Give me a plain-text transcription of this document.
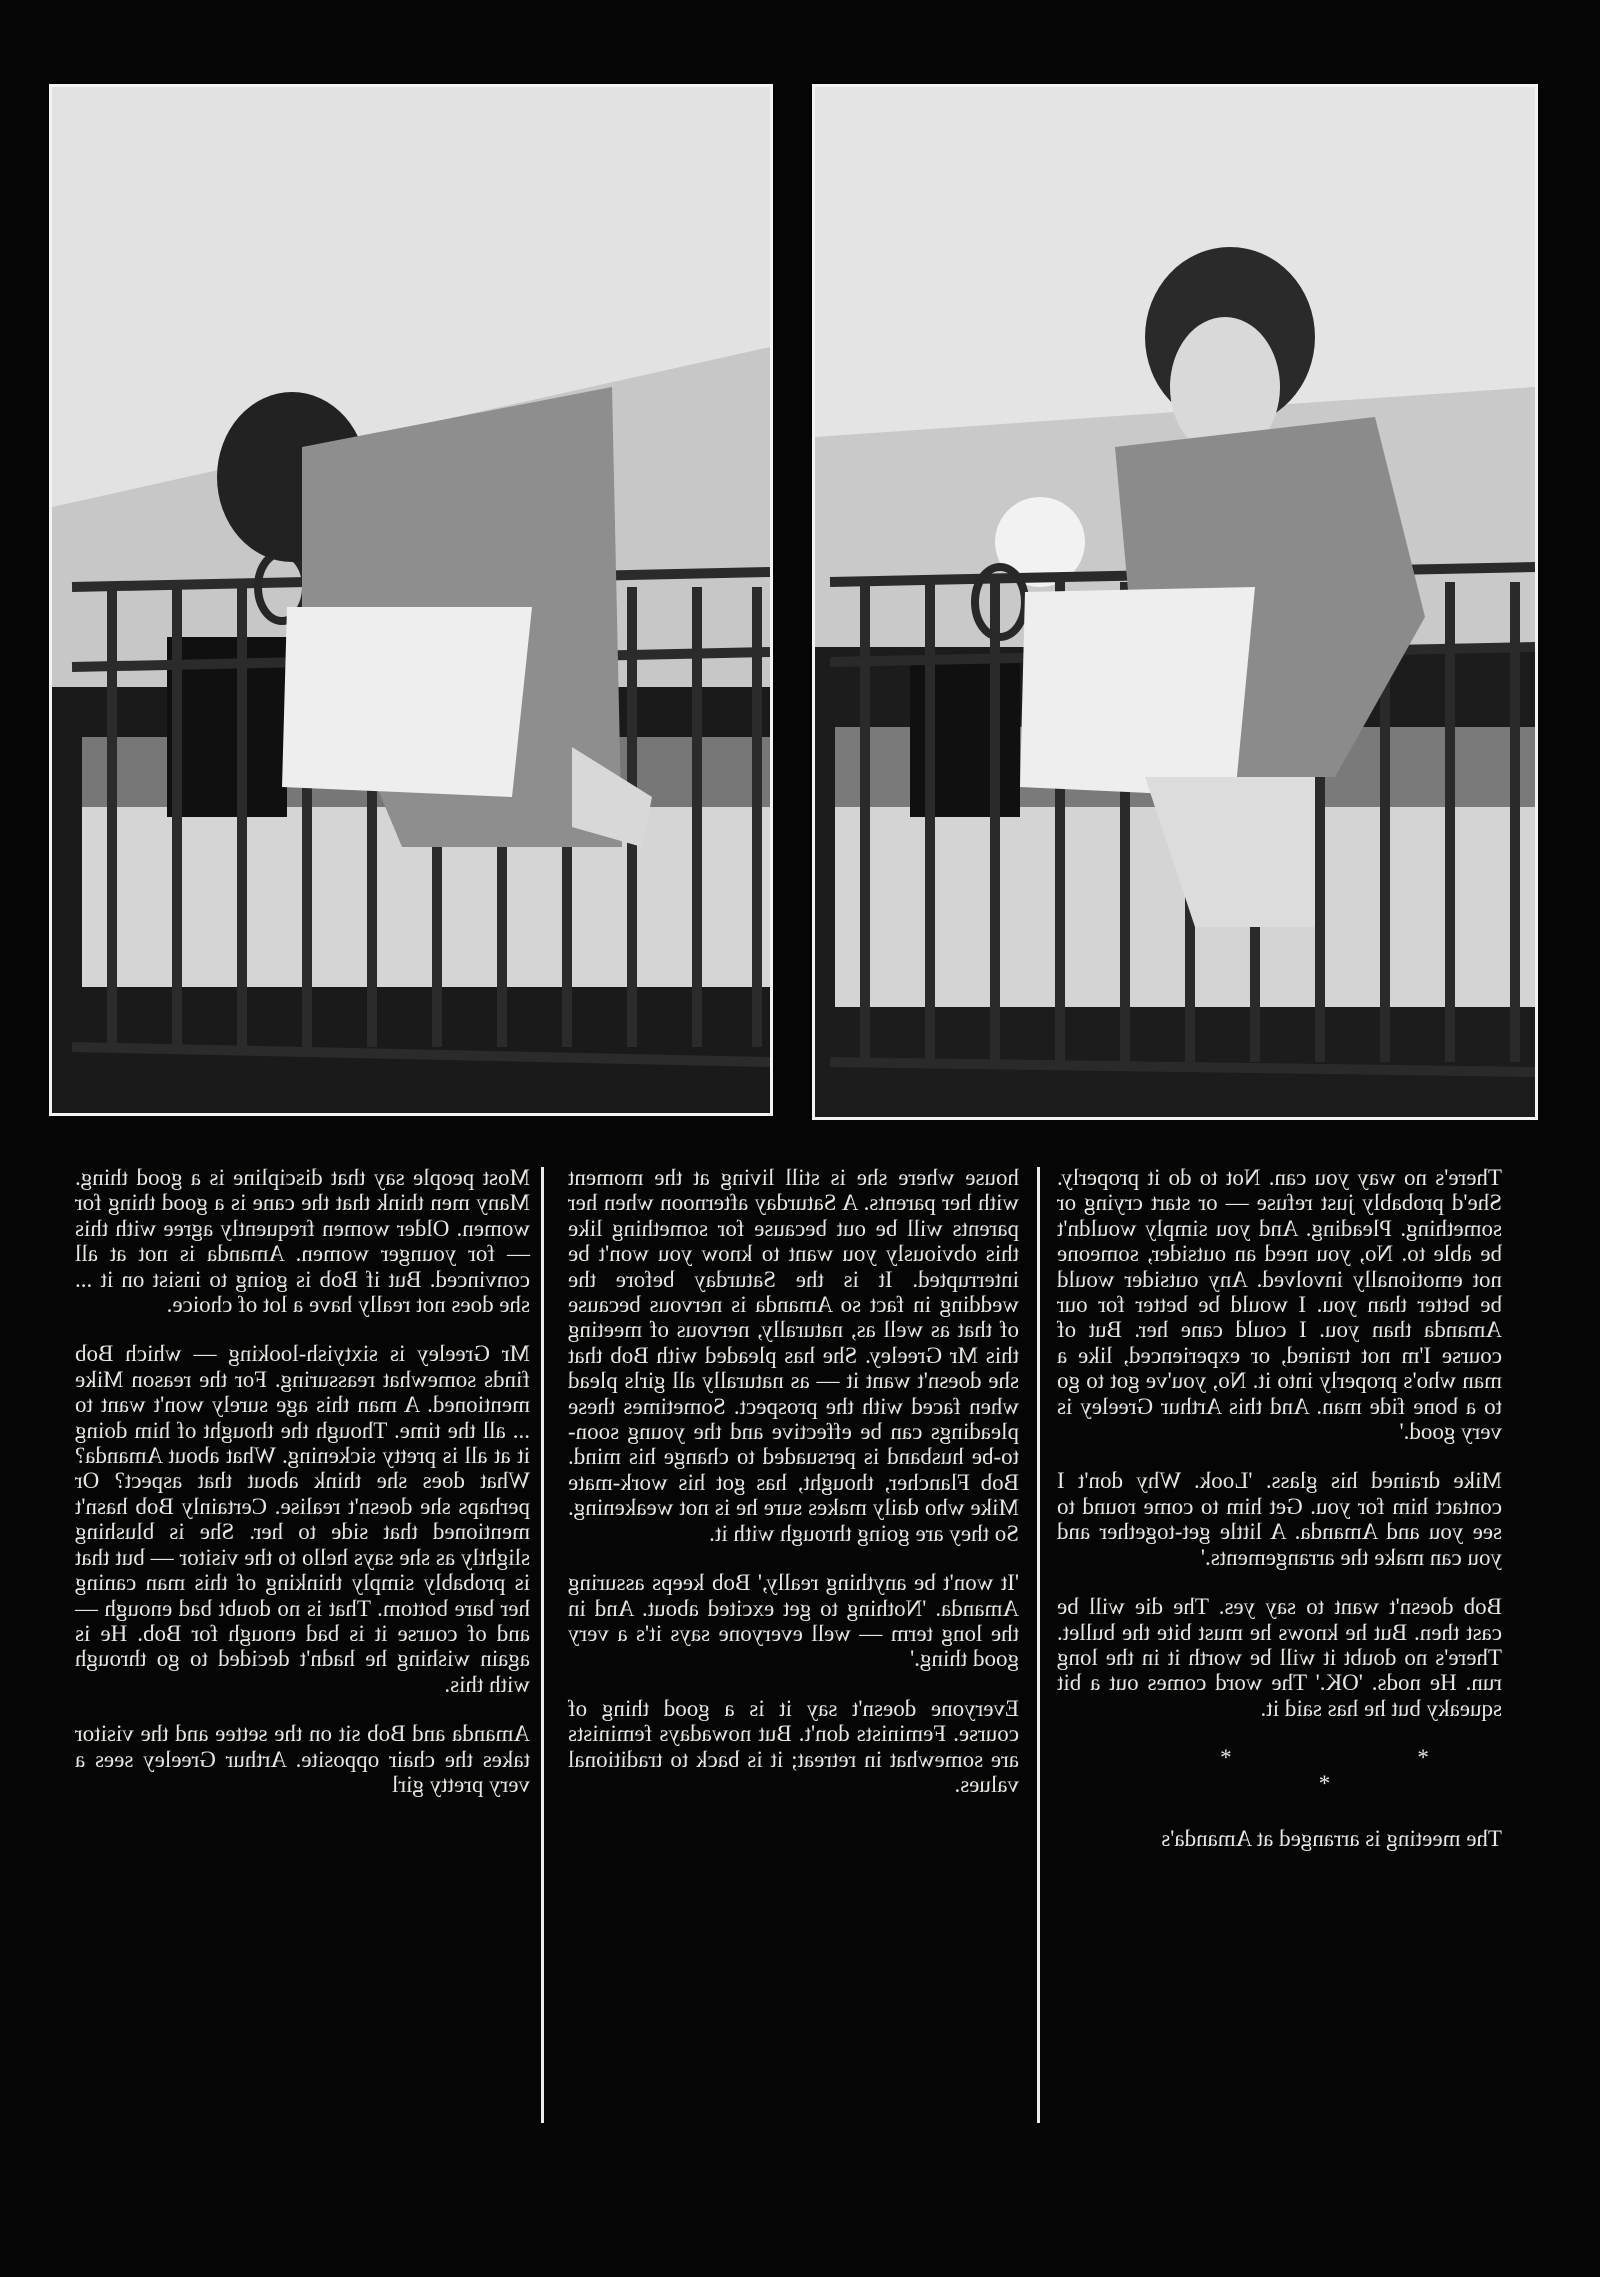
Most people say that discipline is a good thing. Many men think that the cane is a good thing for women. Older women frequently agree with this — for younger women. Amanda is not at all convinced. But if Bob is going to insist on it ... she does not really have a lot of choice.

Mr Greeley is sixtyish-looking — which Bob finds somewhat reassuring. For the reason Mike mentioned. A man this age surely won't want to ... all the time. Though the thought of him doing it at all is pretty sickening. What about Amanda? What does she think about that aspect? Or perhaps she doesn't realise. Certainly Bob hasn't mentioned that side to her. She is blushing slightly as she says hello to the visitor — but that is probably simply thinking of this man caning her bare bottom. That is no doubt bad enough — and of course it is bad enough for Bob. He is again wishing he hadn't decided to go through with this.

Amanda and Bob sit on the settee and the visitor takes the chair opposite. Arthur Greeley sees a very pretty girl

house where she is still living at the moment with her parents. A Saturday afternoon when her parents will be out because for something like this obviously you want to know you won't be interrupted. It is the Saturday before the wedding in fact so Amanda is nervous because of that as well as, naturally, nervous of meeting this Mr Greeley. She has pleaded with Bob that she doesn't want it — as naturally all girls plead when faced with the prospect. Sometimes these pleadings can be effective and the young soon-to-be husband is persuaded to change his mind. Bob Flancher, thought, has got his work-mate Mike who daily makes sure he is not weakening. So they are going through with it.

'It won't be anything really,' Bob keeps assuring Amanda. 'Nothing to get excited about. And in the long term — well everyone says it's a very good thing.'

Everyone doesn't say it is a good thing of course. Feminists don't. But nowadays feminists are somewhat in retreat; it is back to traditional values.

There's no way you can. Not to do it properly. She'd probably just refuse — or start crying or something. Pleading. And you simply wouldn't be able to. No, you need an outsider, someone not emotionally involved. Any outsider would be better than you. I would be better for our Amanda than you. I could cane her. But of course I'm not trained, or experienced, like a man who's properly into it. No, you've got to go to a bone fide man. And this Arthur Greeley is very good.'

Mike drained his glass. 'Look. Why don't I contact him for you. Get him to come round to see you and Amanda. A little get-together and you can make the arrangements.'

Bob doesn't want to say yes. The die will be cast then. But he knows he must bite the bullet. There's no doubt it will be worth it in the long run. He nods. 'OK.' The word comes out a bit squeaky but he has said it.

* * *

The meeting is arranged at Amanda's
